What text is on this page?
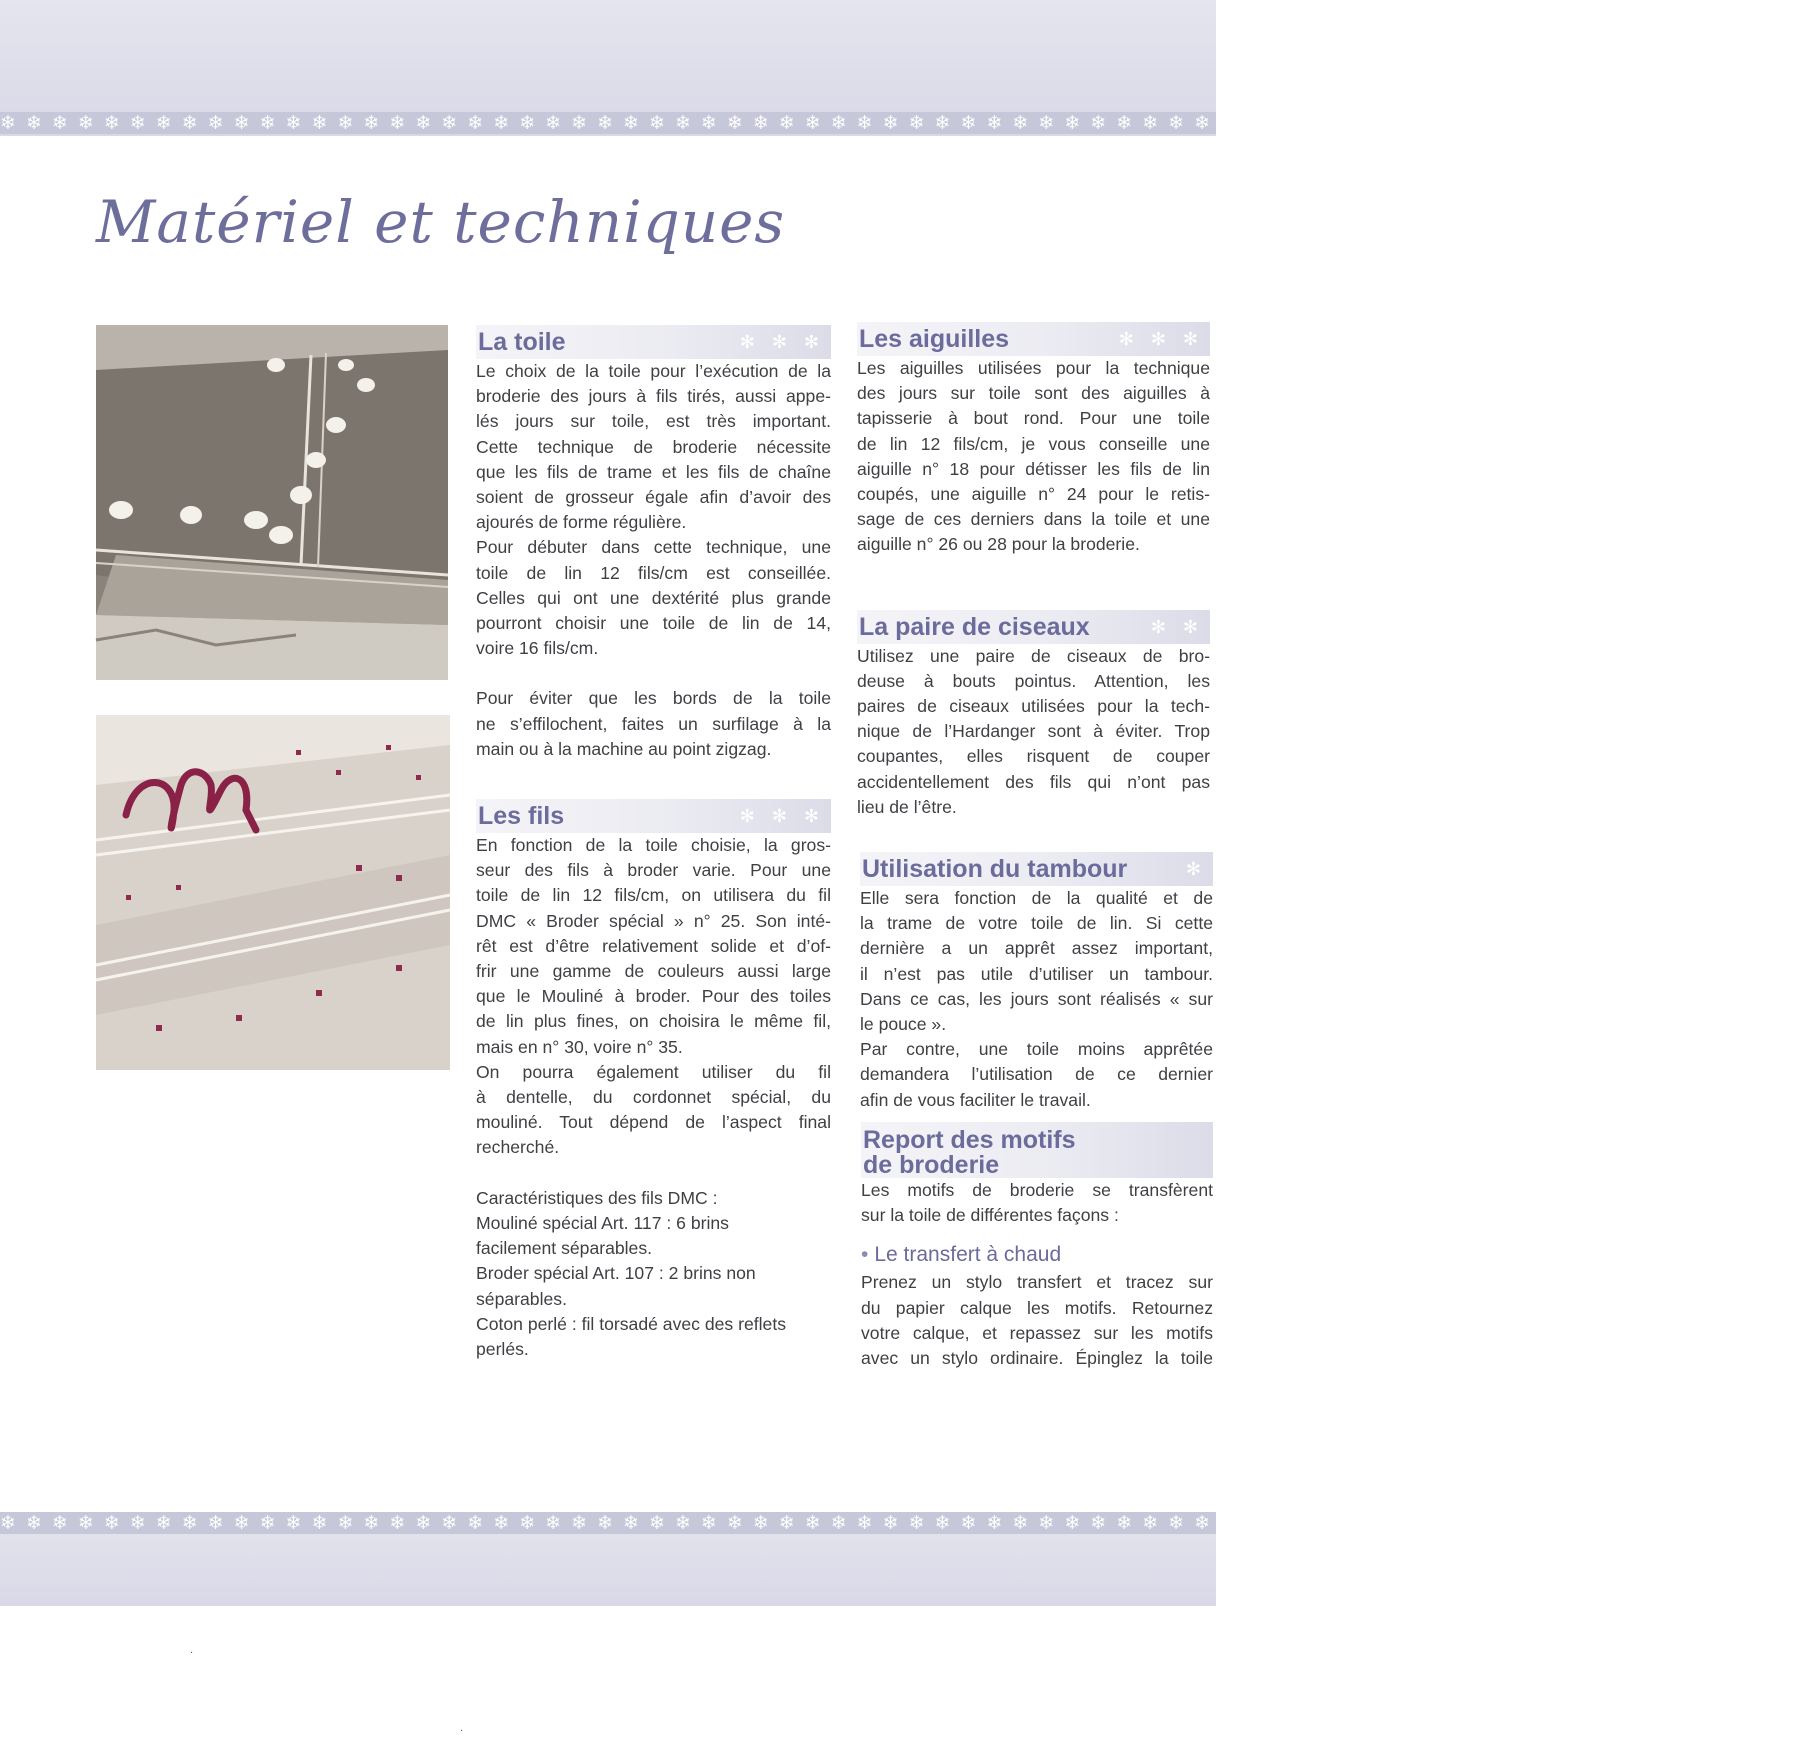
❄ ❄ ❄ ❄ ❄ ❄ ❄ ❄ ❄ ❄ ❄ ❄ ❄ ❄ ❄ ❄ ❄ ❄ ❄ ❄ ❄ ❄ ❄ ❄ ❄ ❄ ❄ ❄ ❄ ❄ ❄ ❄ ❄ ❄ ❄ ❄ ❄ ❄ ❄ ❄ ❄ ❄ ❄ ❄ ❄ ❄ ❄ ❄ ❄ ❄ ❄ ❄ ❄ ❄ ❄ ❄ ❄ ❄ ❄ ❄ ❄ ❄ ❄ ❄ ❄ ❄ ❄ ❄ ❄ ❄
❄ ❄ ❄ ❄ ❄ ❄ ❄ ❄ ❄ ❄ ❄ ❄ ❄ ❄ ❄ ❄ ❄ ❄ ❄ ❄ ❄ ❄ ❄ ❄ ❄ ❄ ❄ ❄ ❄ ❄ ❄ ❄ ❄ ❄ ❄ ❄ ❄ ❄ ❄ ❄ ❄ ❄ ❄ ❄ ❄ ❄ ❄ ❄ ❄ ❄ ❄ ❄ ❄ ❄ ❄ ❄ ❄ ❄ ❄ ❄ ❄ ❄ ❄ ❄ ❄ ❄ ❄ ❄ ❄ ❄
Matériel et techniques
La toile	✻ ✻ ✻
Le choix de la toile pour l’exécution de la
broderie des jours à fils tirés, aussi appe-
lés jours sur toile, est très important.
Cette technique de broderie nécessite
que les fils de trame et les fils de chaîne
soient de grosseur égale afin d’avoir des
ajourés de forme régulière.
Pour débuter dans cette technique, une
toile de lin 12 fils/cm est conseillée.
Celles qui ont une dextérité plus grande
pourront choisir une toile de lin de 14,
voire 16 fils/cm.
Pour éviter que les bords de la toile
ne s’effilochent, faites un surfilage à la
main ou à la machine au point zigzag.
Les fils	✻ ✻ ✻
En fonction de la toile choisie, la gros-
seur des fils à broder varie. Pour une
toile de lin 12 fils/cm, on utilisera du fil
DMC « Broder spécial » n° 25. Son inté-
rêt est d’être relativement solide et d’of-
frir une gamme de couleurs aussi large
que le Mouliné à broder. Pour des toiles
de lin plus fines, on choisira le même fil,
mais en n° 30, voire n° 35.
On pourra également utiliser du fil
à dentelle, du cordonnet spécial, du
mouliné. Tout dépend de l’aspect final
recherché.
Caractéristiques des fils DMC :
Mouliné spécial Art. 117 : 6 brins
facilement séparables.
Broder spécial Art. 107 : 2 brins non
séparables.
Coton perlé : fil torsadé avec des reflets
perlés.
Les aiguilles	✻ ✻ ✻
Les aiguilles utilisées pour la technique
des jours sur toile sont des aiguilles à
tapisserie à bout rond. Pour une toile
de lin 12 fils/cm, je vous conseille une
aiguille n° 18 pour détisser les fils de lin
coupés, une aiguille n° 24 pour le retis-
sage de ces derniers dans la toile et une
aiguille n° 26 ou 28 pour la broderie.
La paire de ciseaux	✻ ✻
Utilisez une paire de ciseaux de bro-
deuse à bouts pointus. Attention, les
paires de ciseaux utilisées pour la tech-
nique de l’Hardanger sont à éviter. Trop
coupantes, elles risquent de couper
accidentellement des fils qui n’ont pas
lieu de l’être.
Utilisation du tambour	✻
Elle sera fonction de la qualité et de
la trame de votre toile de lin. Si cette
dernière a un apprêt assez important,
il n’est pas utile d’utiliser un tambour.
Dans ce cas, les jours sont réalisés « sur
le pouce ».
Par contre, une toile moins apprêtée
demandera l’utilisation de ce dernier
afin de vous faciliter le travail.
Report des motifs
de broderie
Les motifs de broderie se transfèrent
sur la toile de différentes façons :
• Le transfert à chaud
Prenez un stylo transfert et tracez sur
du papier calque les motifs. Retournez
votre calque, et repassez sur les motifs
avec un stylo ordinaire. Épinglez la toile
·
·
